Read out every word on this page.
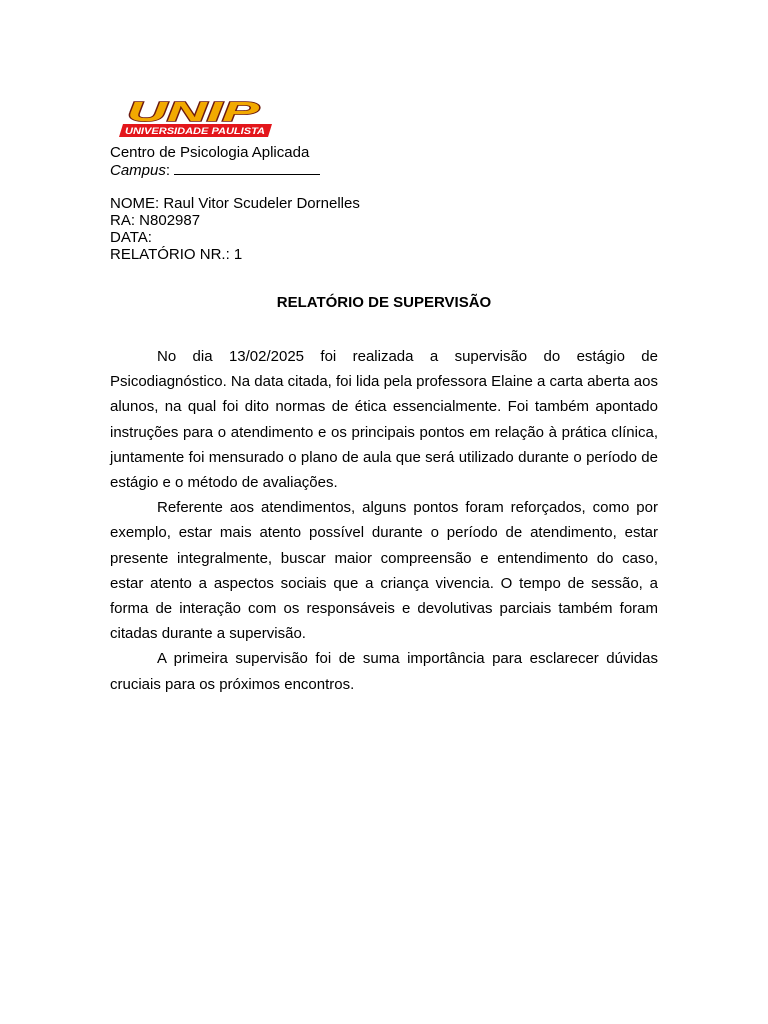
UNIP
UNIVERSIDADE PAULISTA
Centro de Psicologia Aplicada
Campus:
NOME: Raul Vitor Scudeler Dornelles
RA: N802987
DATA:
RELATÓRIO NR.: 1
RELATÓRIO DE SUPERVISÃO

No dia 13/02/2025 foi realizada a supervisão do estágio de Psicodiagnóstico. Na data citada, foi lida pela professora Elaine a carta aberta aos alunos, na qual foi dito normas de ética essencialmente. Foi também apontado instruções para o atendimento e os principais pontos em relação à prática clínica, juntamente foi mensurado o plano de aula que será utilizado durante o período de estágio e o método de avaliações.

Referente aos atendimentos, alguns pontos foram reforçados, como por exemplo, estar mais atento possível durante o período de atendimento, estar presente integralmente, buscar maior compreensão e entendimento do caso, estar atento a aspectos sociais que a criança vivencia. O tempo de sessão, a forma de interação com os responsáveis e devolutivas parciais também foram citadas durante a supervisão.

A primeira supervisão foi de suma importância para esclarecer dúvidas cruciais para os próximos encontros.
